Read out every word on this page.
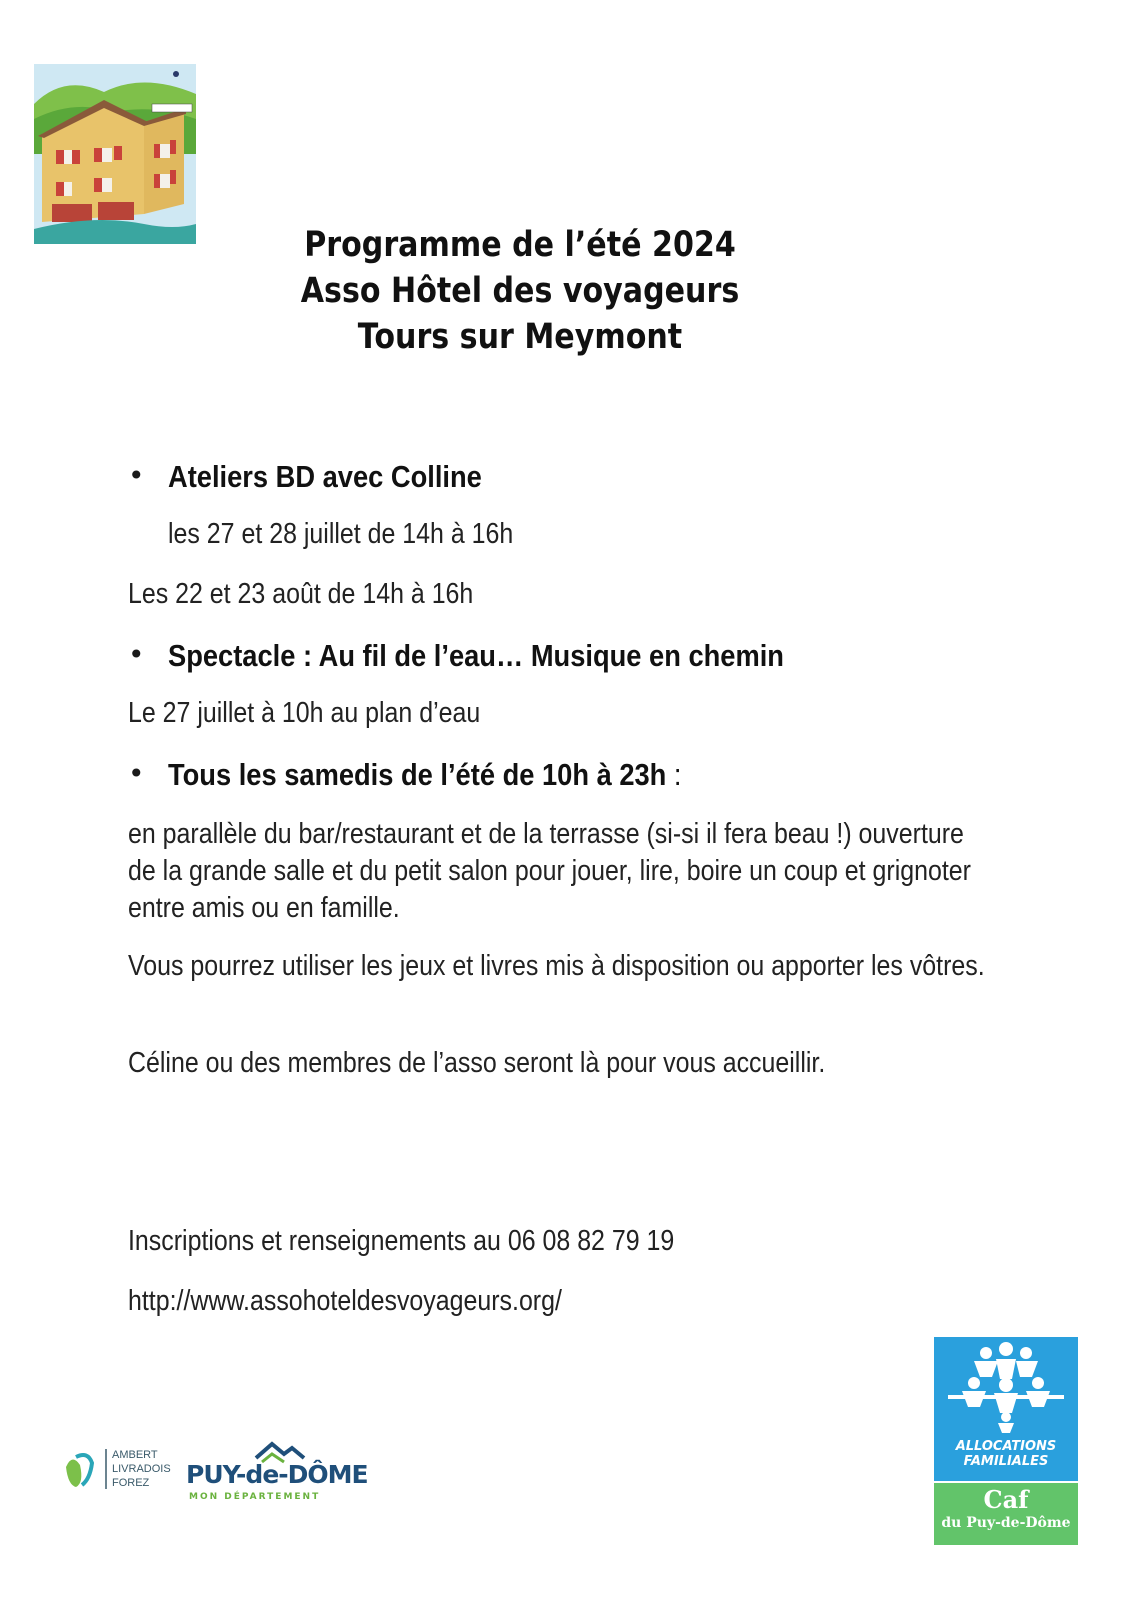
Programme de l’été 2024
Asso Hôtel des voyageurs
Tours sur Meymont
• Ateliers BD avec Colline
les 27 et 28 juillet de 14h à 16h
Les 22 et 23 août de 14h à 16h
• Spectacle : Au fil de l’eau… Musique en chemin
Le 27 juillet à 10h au plan d’eau
• Tous les samedis de l’été de 10h à 23h :
en parallèle du bar/restaurant et de la terrasse (si-si il fera beau !) ouverture de la grande salle et du petit salon pour jouer, lire, boire un coup et grignoter entre amis ou en famille.
Vous pourrez utiliser les jeux et livres mis à disposition ou apporter les vôtres.
Céline ou des membres de l’asso seront là pour vous accueillir.
Inscriptions et renseignements au 06 08 82 79 19
http://www.assohoteldesvoyageurs.org/
AMBERT
LIVRADOIS
FOREZ	PUY-de-DÔME
MON DÉPARTEMENT
ALLOCATIONS
FAMILIALES
Caf
du Puy-de-Dôme
